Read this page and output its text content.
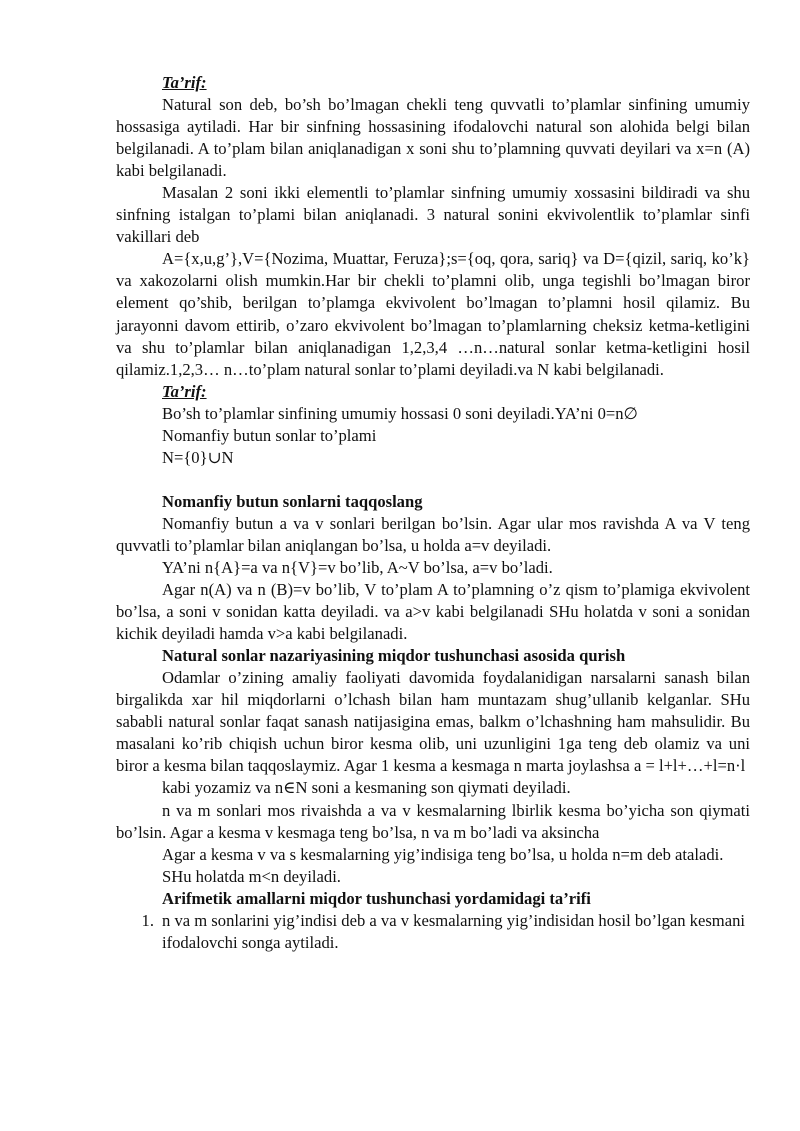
Ta’rif:

Natural son deb, bo’sh bo’lmagan chekli teng quvvatli to’plamlar sinfining umumiy hossasiga aytiladi. Har bir sinfning hossasining ifodalovchi natural son alohida belgi bilan belgilanadi. A to’plam bilan aniqlanadigan x soni shu to’plamning quvvati deyilari va x=n (A) kabi belgilanadi.

Masalan 2 soni ikki elementli to’plamlar sinfning umumiy xossasini bildiradi va shu sinfning istalgan to’plami bilan aniqlanadi. 3 natural sonini ekvivolentlik to’plamlar sinfi vakillari deb

A={x,u,g’},V={Nozima, Muattar, Feruza};s={oq, qora, sariq} va D={qizil, sariq, ko’k} va xakozolarni olish mumkin.Har bir chekli to’plamni olib, unga tegishli bo’lmagan biror element qo’shib, berilgan to’plamga ekvivolent bo’lmagan to’plamni hosil qilamiz. Bu jarayonni davom ettirib, o’zaro ekvivolent bo’lmagan to’plamlarning cheksiz ketma-ketligini va shu to’plamlar bilan aniqlanadigan 1,2,3,4 …n…natural sonlar ketma-ketligini hosil qilamiz.1,2,3… n…to’plam natural sonlar to’plami deyiladi.va N kabi belgilanadi.

Ta’rif:

Bo’sh to’plamlar sinfining umumiy hossasi 0 soni deyiladi.YA’ni 0=n∅

Nomanfiy butun sonlar to’plami

N={0}∪N

Nomanfiy butun sonlarni taqqoslang

Nomanfiy butun a va v sonlari berilgan bo’lsin. Agar ular mos ravishda A va V teng quvvatli to’plamlar bilan aniqlangan bo’lsa, u holda a=v deyiladi.

YA’ni n{A}=a va n{V}=v bo’lib, A~V bo’lsa, a=v bo’ladi.

Agar n(A) va n (B)=v bo’lib, V to’plam A to’plamning o’z qism to’plamiga ekvivolent bo’lsa, a soni v sonidan katta deyiladi. va a>v kabi belgilanadi SHu holatda v soni a sonidan kichik deyiladi hamda v>a kabi belgilanadi.

Natural sonlar nazariyasining miqdor tushunchasi asosida qurish

Odamlar o’zining amaliy faoliyati davomida foydalanidigan narsalarni sanash bilan birgalikda xar hil miqdorlarni o’lchash bilan ham muntazam shug’ullanib kelganlar. SHu sababli natural sonlar faqat sanash natijasigina emas, balkm o’lchashning ham mahsulidir. Bu masalani ko’rib chiqish uchun biror kesma olib, uni uzunligini 1ga teng deb olamiz va uni biror a kesma bilan taqqoslaymiz. Agar 1 kesma a kesmaga n marta joylashsa a = l+l+…+l=n·l

kabi yozamiz va n∈N soni a kesmaning son qiymati deyiladi.

n va m sonlari mos rivaishda a va v kesmalarning lbirlik kesma bo’yicha son qiymati bo’lsin. Agar a kesma v kesmaga teng bo’lsa, n va m bo’ladi va aksincha

Agar a kesma v va s kesmalarning yig’indisiga teng bo’lsa, u holda n=m deb ataladi.

SHu holatda m<n deyiladi.

Arifmetik amallarni miqdor tushunchasi yordamidagi ta’rifi

1. n va m sonlarini yig’indisi deb a va v kesmalarning yig’indisidan hosil bo’lgan kesmani ifodalovchi songa aytiladi.
